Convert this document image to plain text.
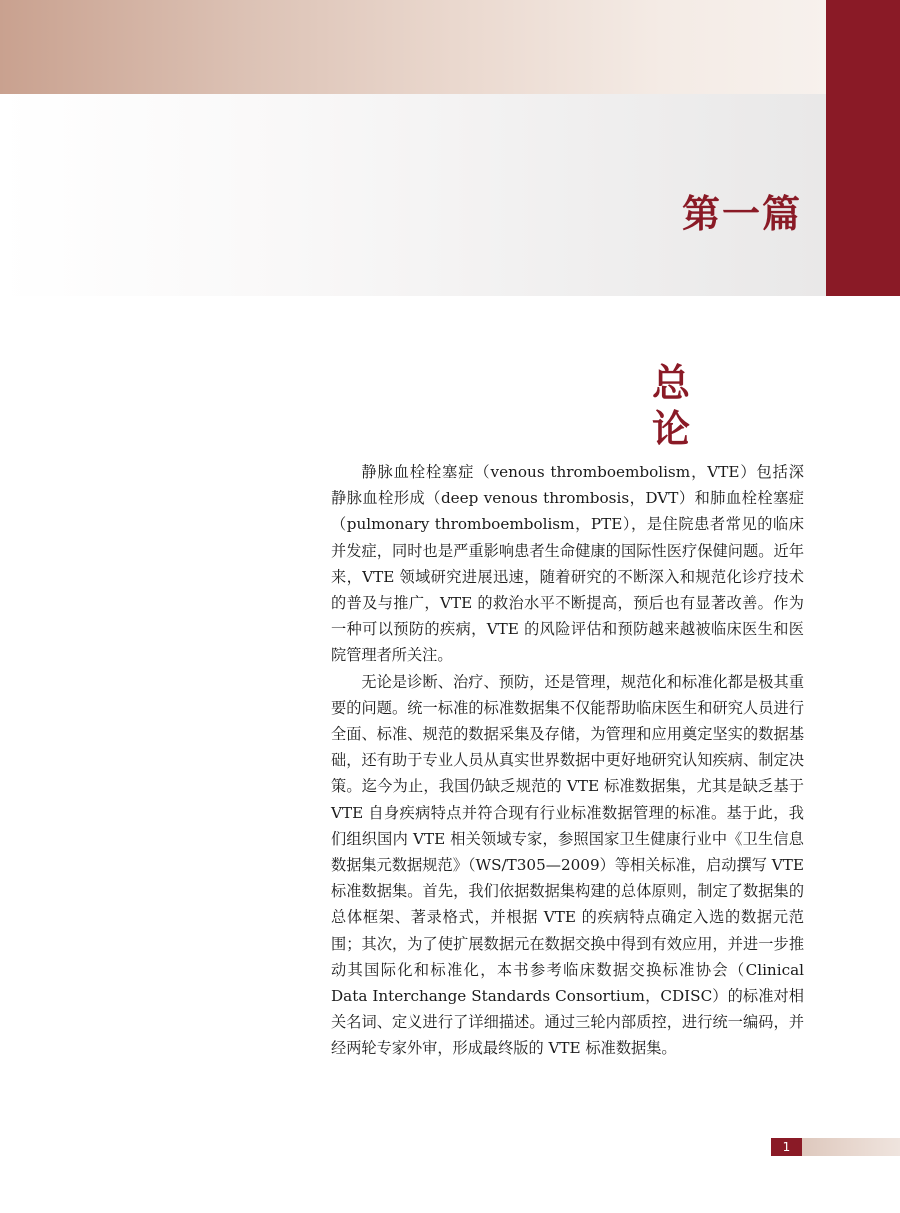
第一篇
总论

静脉血栓栓塞症（venous thromboembolism，VTE）包括深静脉血栓形成（deep venous thrombosis，DVT）和肺血栓栓塞症（pulmonary thromboembolism，PTE），是住院患者常见的临床并发症，同时也是严重影响患者生命健康的国际性医疗保健问题。近年来，VTE 领域研究进展迅速，随着研究的不断深入和规范化诊疗技术的普及与推广，VTE 的救治水平不断提高，预后也有显著改善。作为一种可以预防的疾病，VTE 的风险评估和预防越来越被临床医生和医院管理者所关注。

无论是诊断、治疗、预防，还是管理，规范化和标准化都是极其重要的问题。统一标准的标准数据集不仅能帮助临床医生和研究人员进行全面、标准、规范的数据采集及存储，为管理和应用奠定坚实的数据基础，还有助于专业人员从真实世界数据中更好地研究认知疾病、制定决策。迄今为止，我国仍缺乏规范的 VTE 标准数据集，尤其是缺乏基于 VTE 自身疾病特点并符合现有行业标准数据管理的标准。基于此，我们组织国内 VTE 相关领域专家，参照国家卫生健康行业中《卫生信息数据集元数据规范》（WS/T305—2009）等相关标准，启动撰写 VTE 标准数据集。首先，我们依据数据集构建的总体原则，制定了数据集的总体框架、著录格式，并根据 VTE 的疾病特点确定入选的数据元范围；其次，为了使扩展数据元在数据交换中得到有效应用，并进一步推动其国际化和标准化，本书参考临床数据交换标准协会（Clinical Data Interchange Standards Consortium，CDISC）的标准对相关名词、定义进行了详细描述。通过三轮内部质控，进行统一编码，并经两轮专家外审，形成最终版的 VTE 标准数据集。

1
